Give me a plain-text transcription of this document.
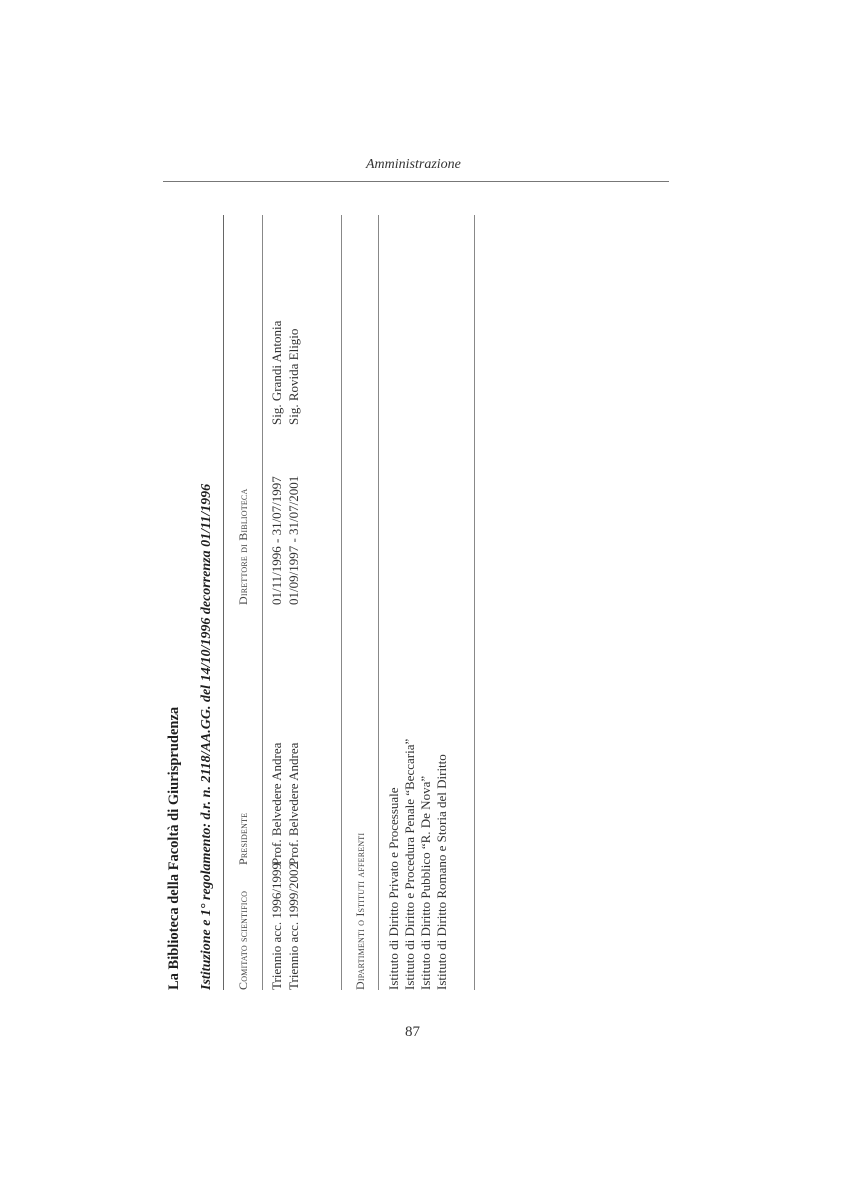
Amministrazione
La Biblioteca della Facoltà di Giurisprudenza Istituzione e 1° regolamento: d.r. n. 2118/AA.GG. del 14/10/1996 decorrenza 01/11/1996 Comitato scientifico
Presidente
Direttore di Biblioteca
Triennio acc. 1996/1999
Prof. Belvedere Andrea
01/11/1996 - 31/07/1997
Sig. Grandi Antonia
Triennio acc. 1999/2002
Prof. Belvedere Andrea
01/09/1997 - 31/07/2001
Sig. Rovida Eligio
Dipartimenti o Istituti afferenti Istituto di Diritto Privato e Processuale Istituto di Diritto e Procedura Penale “Beccaria” Istituto di Diritto Pubblico “R. De Nova” Istituto di Diritto Romano e Storia del Diritto
87
